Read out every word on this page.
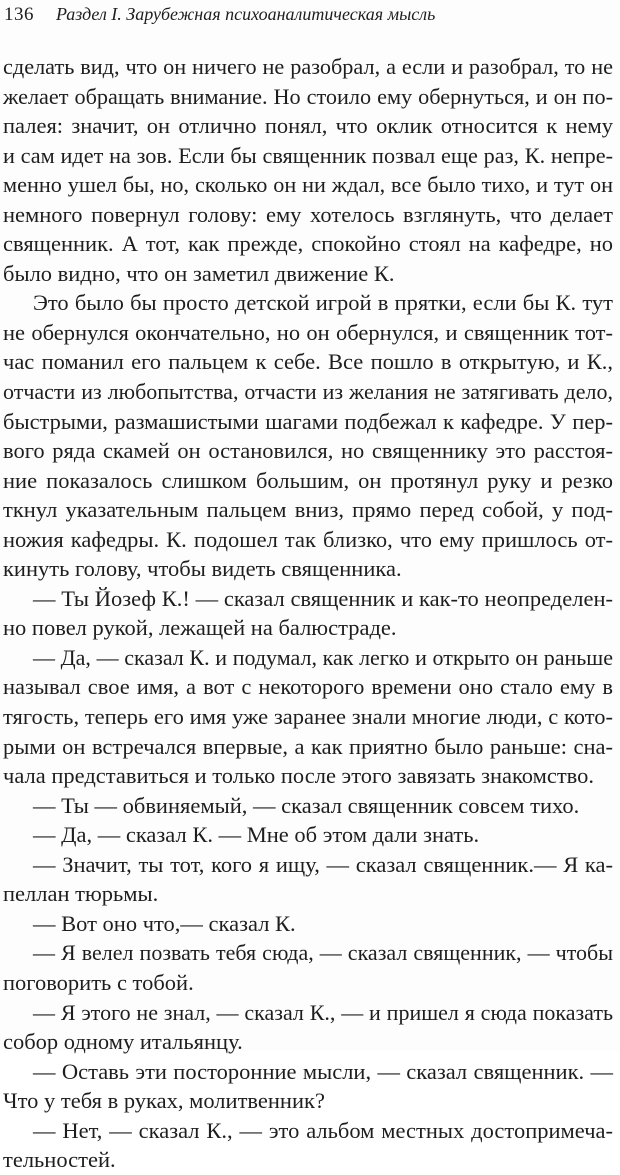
136 Раздел I. Зарубежная психоаналитическая мысль
сделать вид, что он ничего не разобрал, а если и разобрал, то не
желает обращать внимание. Но стоило ему обернуться, и он по-
палея: значит, он отлично понял, что оклик относится к нему
и сам идет на зов. Если бы священник позвал еще раз, К. непре-
менно ушел бы, но, сколько он ни ждал, все было тихо, и тут он
немного повернул голову: ему хотелось взглянуть, что делает
священник. А тот, как прежде, спокойно стоял на кафедре, но
было видно, что он заметил движение К.
Это было бы просто детской игрой в прятки, если бы К. тут
не обернулся окончательно, но он обернулся, и священник тот-
час поманил его пальцем к себе. Все пошло в открытую, и К.,
отчасти из любопытства, отчасти из желания не затягивать дело,
быстрыми, размашистыми шагами подбежал к кафедре. У пер-
вого ряда скамей он остановился, но священнику это расстоя-
ние показалось слишком большим, он протянул руку и резко
ткнул указательным пальцем вниз, прямо перед собой, у под-
ножия кафедры. К. подошел так близко, что ему пришлось от-
кинуть голову, чтобы видеть священника.
— Ты Йозеф К.! — сказал священник и как-то неопределен-
но повел рукой, лежащей на балюстраде.
— Да, — сказал К. и подумал, как легко и открыто он раньше
называл свое имя, а вот с некоторого времени оно стало ему в
тягость, теперь его имя уже заранее знали многие люди, с кото-
рыми он встречался впервые, а как приятно было раньше: сна-
чала представиться и только после этого завязать знакомство.
— Ты — обвиняемый, — сказал священник совсем тихо.
— Да, — сказал К. — Мне об этом дали знать.
— Значит, ты тот, кого я ищу, — сказал священник.— Я ка-
пеллан тюрьмы.
— Вот оно что,— сказал К.
— Я велел позвать тебя сюда, — сказал священник, — чтобы
поговорить с тобой.
— Я этого не знал, — сказал К., — и пришел я сюда показать
собор одному итальянцу.
— Оставь эти посторонние мысли, — сказал священник. —
Что у тебя в руках, молитвенник?
— Нет, — сказал К., — это альбом местных достопримеча-
тельностей.
